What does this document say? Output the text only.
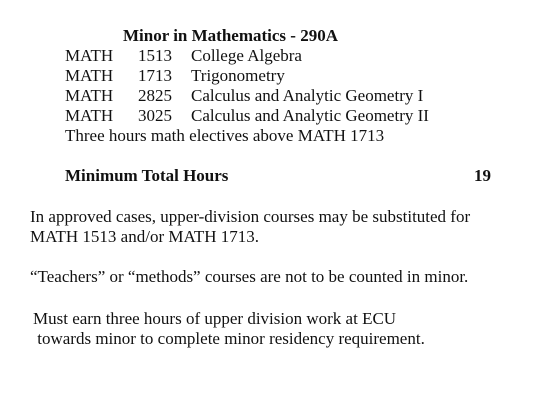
Minor in Mathematics - 290A
MATH 1513 College Algebra
MATH 1713 Trigonometry
MATH 2825 Calculus and Analytic Geometry I
MATH 3025 Calculus and Analytic Geometry II
Three hours math electives above MATH 1713
Minimum Total Hours	19
In approved cases, upper-division courses may be substituted for
MATH 1513 and/or MATH 1713.
“Teachers” or “methods” courses are not to be counted in minor.
Must earn three hours of upper division work at ECU
towards minor to complete minor residency requirement.
